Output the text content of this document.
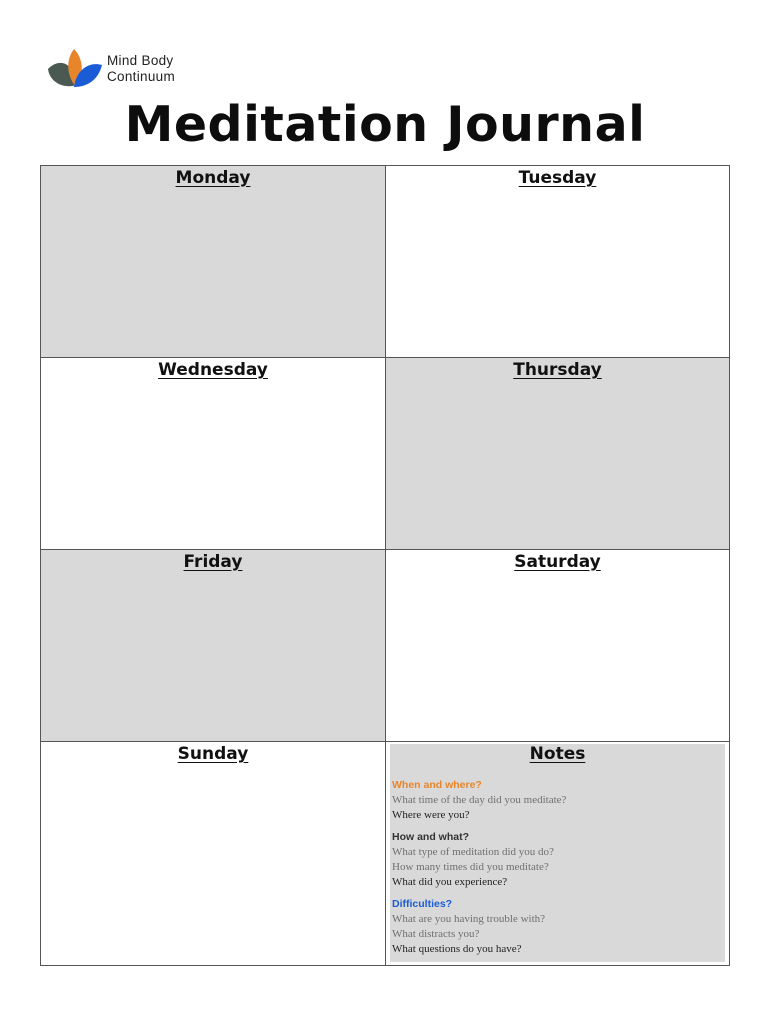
Mind Body
Continuum
Meditation Journal
Monday	Tuesday
Wednesday	Thursday
Friday	Saturday
Sunday	Notes
When and where?
What time of the day did you meditate?
Where were you?
How and what?
What type of meditation did you do?
How many times did you meditate?
What did you experience?
Difficulties?
What are you having trouble with?
What distracts you?
What questions do you have?
